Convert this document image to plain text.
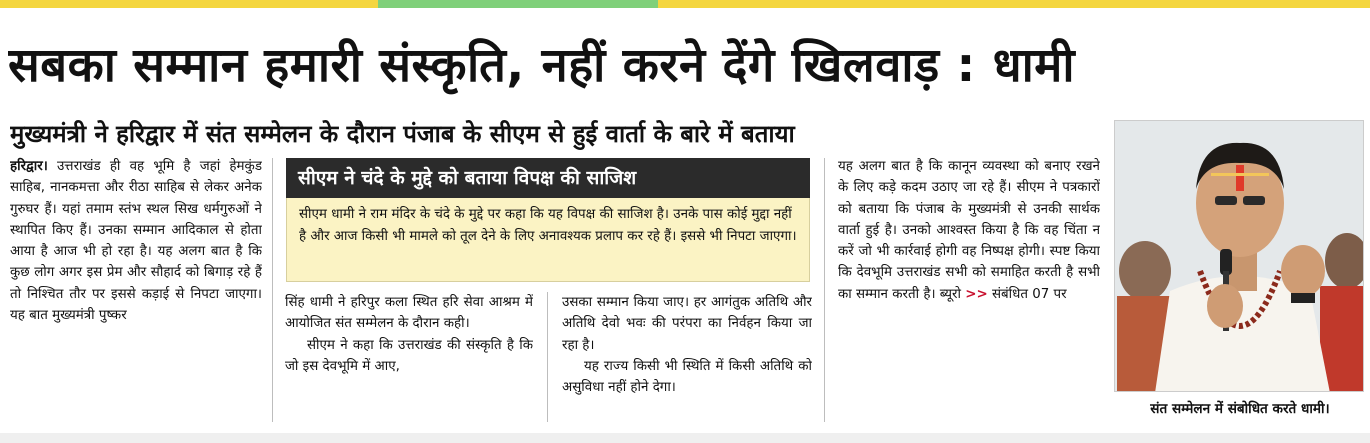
सबका सम्मान हमारी संस्कृति, नहीं करने देंगे खिलवाड़ : धामी
मुख्यमंत्री ने हरिद्वार में संत सम्मेलन के दौरान पंजाब के सीएम से हुई वार्ता के बारे में बताया
हरिद्वार। उत्तराखंड ही वह भूमि है जहां हेमकुंड साहिब, नानकमत्ता और रीठा साहिब से लेकर अनेक गुरुघर हैं। यहां तमाम स्तंभ स्थल सिख धर्मगुरुओं ने स्थापित किए हैं। उनका सम्मान आदिकाल से होता आया है आज भी हो रहा है। यह अलग बात है कि कुछ लोग अगर इस प्रेम और सौहार्द को बिगाड़ रहे हैं तो निश्चित तौर पर इससे कड़ाई से निपटा जाएगा। यह बात मुख्यमंत्री पुष्कर
सीएम ने चंदे के मुद्दे को बताया विपक्ष की साजिश
सीएम धामी ने राम मंदिर के चंदे के मुद्दे पर कहा कि यह विपक्ष की साजिश है। उनके पास कोई मुद्दा नहीं है और आज किसी भी मामले को तूल देने के लिए अनावश्यक प्रलाप कर रहे हैं। इससे भी निपटा जाएगा।

सिंह धामी ने हरिपुर कला स्थित हरि सेवा आश्रम में आयोजित संत सम्मेलन के दौरान कही।

सीएम ने कहा कि उत्तराखंड की संस्कृति है कि जो इस देवभूमि में आए,

उसका सम्मान किया जाए। हर आगंतुक अतिथि और अतिथि देवो भवः की परंपरा का निर्वहन किया जा रहा है।

यह राज्य किसी भी स्थिति में किसी अतिथि को असुविधा नहीं होने देगा।

यह अलग बात है कि कानून व्यवस्था को बनाए रखने के लिए कड़े कदम उठाए जा रहे हैं। सीएम ने पत्रकारों को बताया कि पंजाब के मुख्यमंत्री से उनकी सार्थक वार्ता हुई है। उनको आश्वस्त किया है कि वह चिंता न करें जो भी कार्रवाई होगी वह निष्पक्ष होगी। स्पष्ट किया कि देवभूमि उत्तराखंड सभी को समाहित करती है सभी का सम्मान करती है। ब्यूरो >> संबंधित 07 पर
संत सम्मेलन में संबोधित करते धामी।
